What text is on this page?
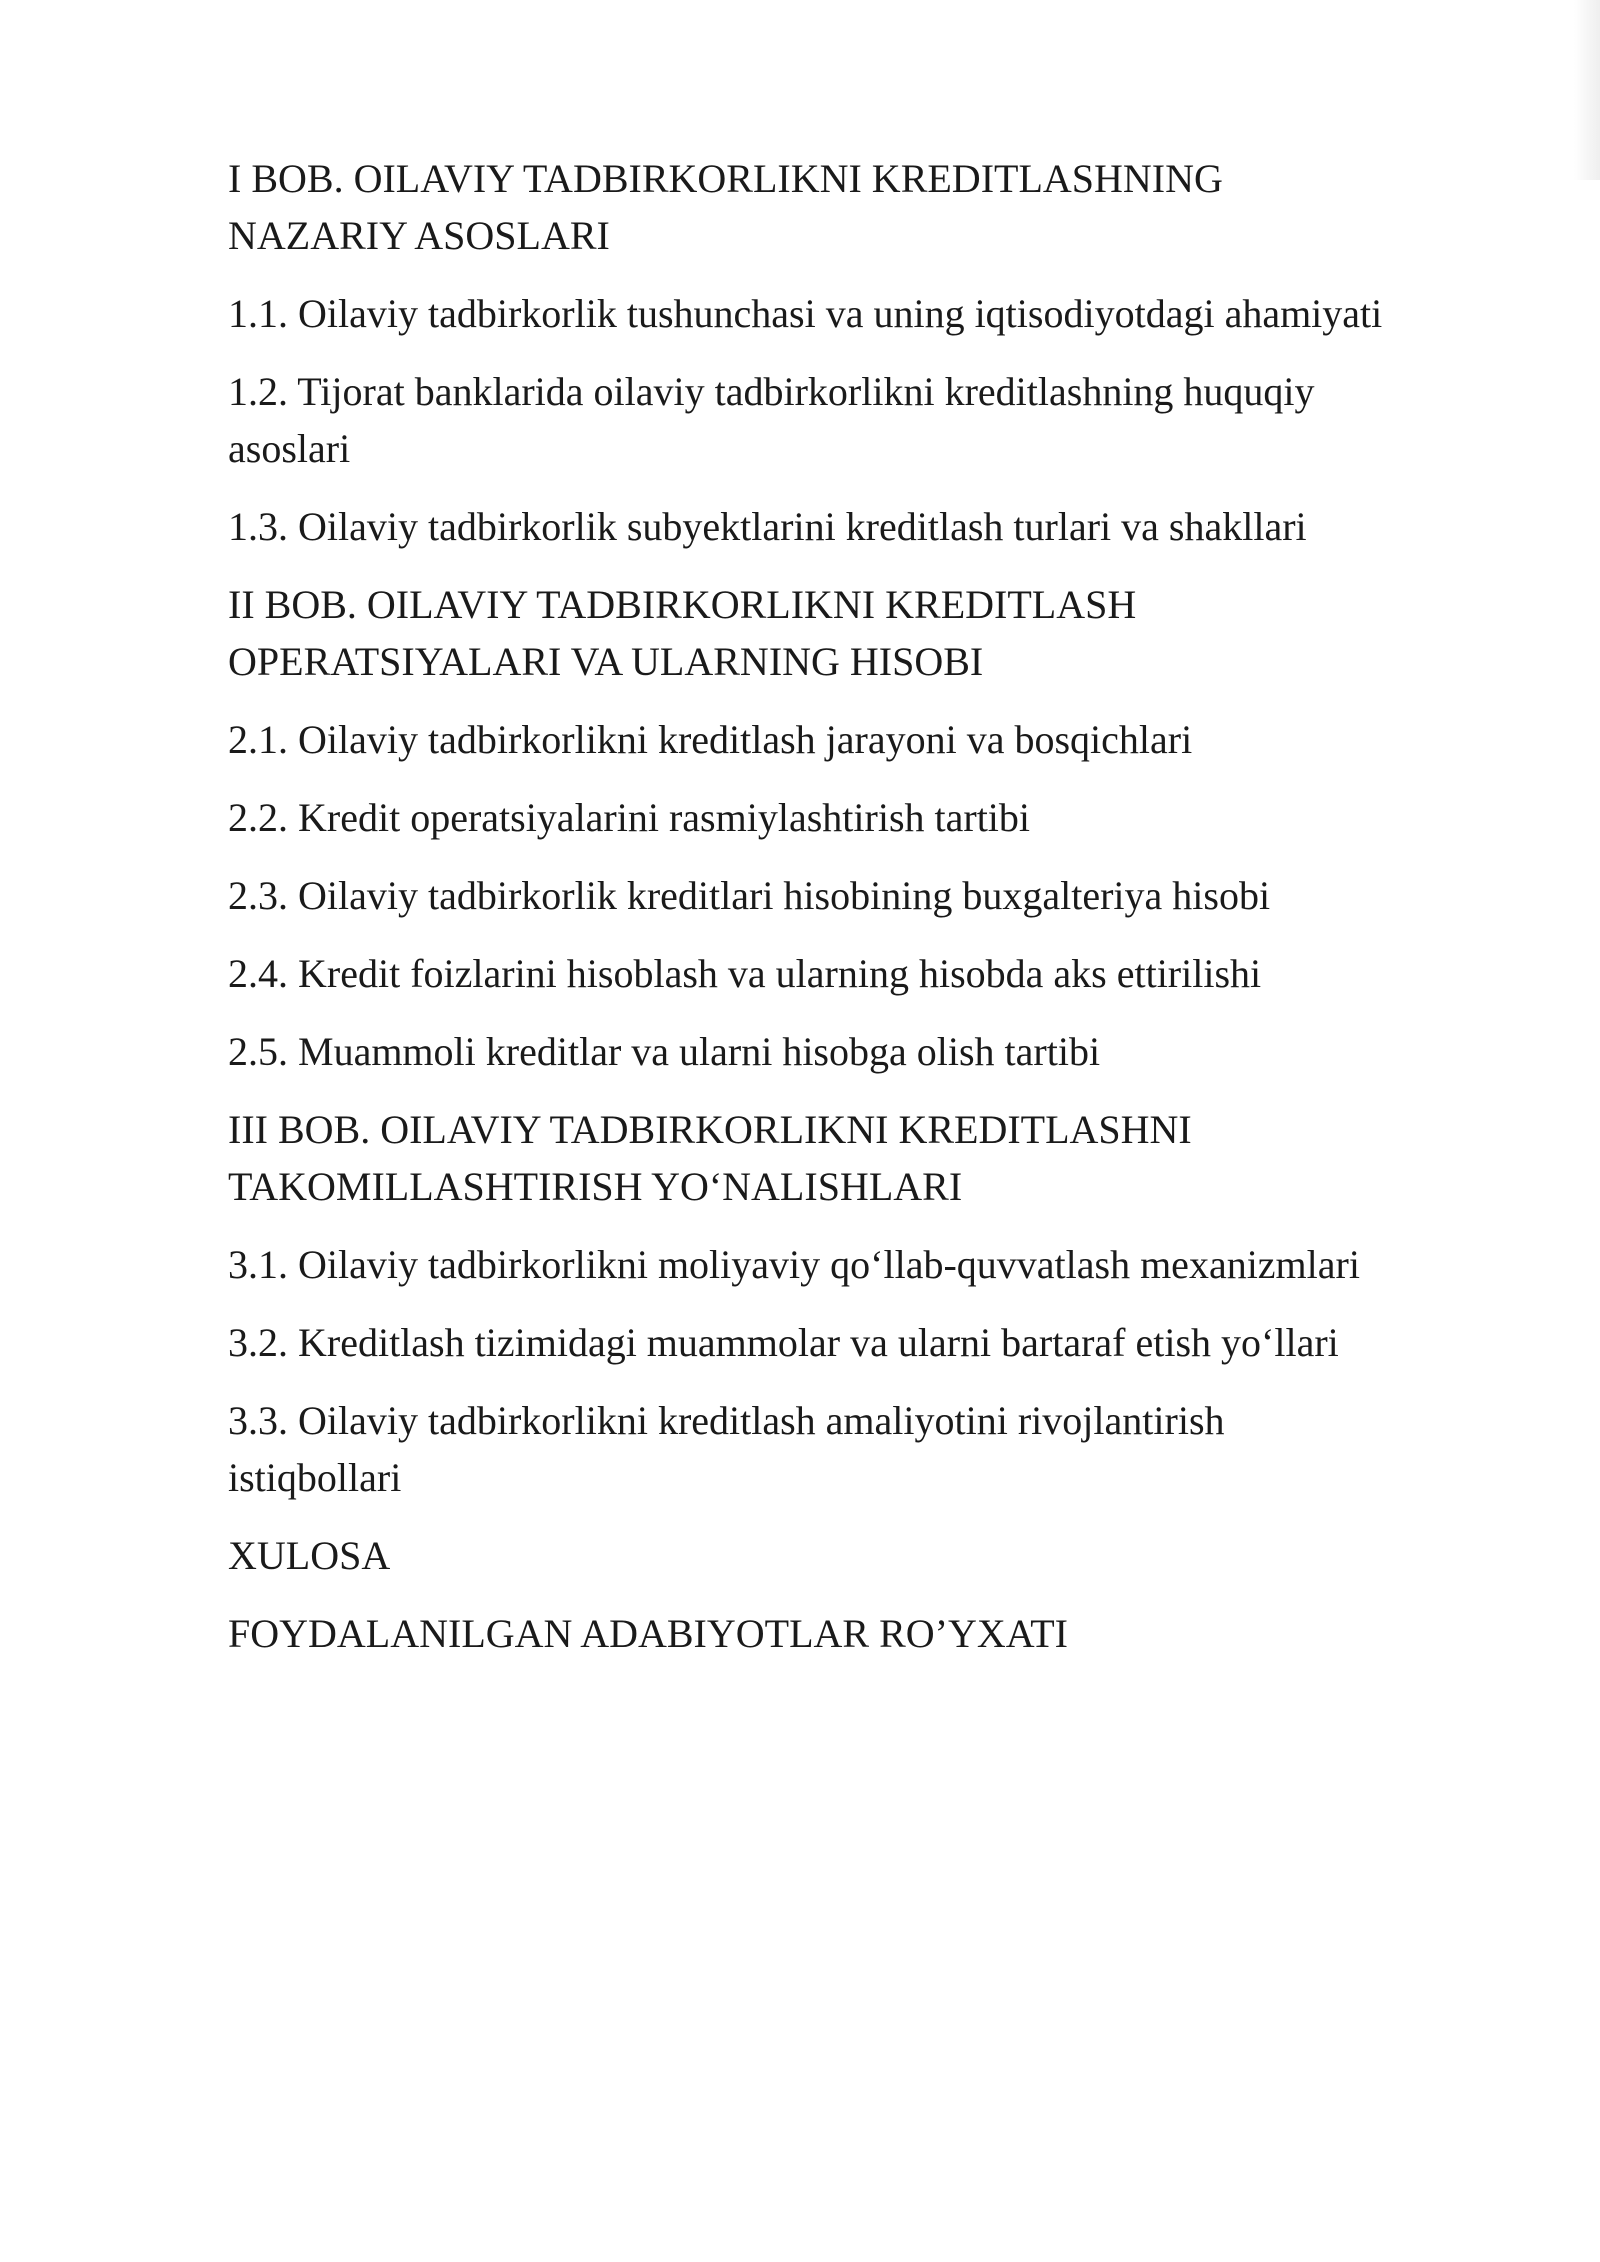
I BOB. OILAVIY TADBIRKORLIKNI KREDITLASHNING
NAZARIY ASOSLARI
1.1. Oilaviy tadbirkorlik tushunchasi va uning iqtisodiyotdagi ahamiyati
1.2. Tijorat banklarida oilaviy tadbirkorlikni kreditlashning huquqiy
asoslari
1.3. Oilaviy tadbirkorlik subyektlarini kreditlash turlari va shakllari
II BOB. OILAVIY TADBIRKORLIKNI KREDITLASH
OPERATSIYALARI VA ULARNING HISOBI
2.1. Oilaviy tadbirkorlikni kreditlash jarayoni va bosqichlari
2.2. Kredit operatsiyalarini rasmiylashtirish tartibi
2.3. Oilaviy tadbirkorlik kreditlari hisobining buxgalteriya hisobi
2.4. Kredit foizlarini hisoblash va ularning hisobda aks ettirilishi
2.5. Muammoli kreditlar va ularni hisobga olish tartibi
III BOB. OILAVIY TADBIRKORLIKNI KREDITLASHNI
TAKOMILLASHTIRISH YO‘NALISHLARI
3.1. Oilaviy tadbirkorlikni moliyaviy qo‘llab-quvvatlash mexanizmlari
3.2. Kreditlash tizimidagi muammolar va ularni bartaraf etish yo‘llari
3.3. Oilaviy tadbirkorlikni kreditlash amaliyotini rivojlantirish
istiqbollari
XULOSA
FOYDALANILGAN ADABIYOTLAR RO’YXATI
